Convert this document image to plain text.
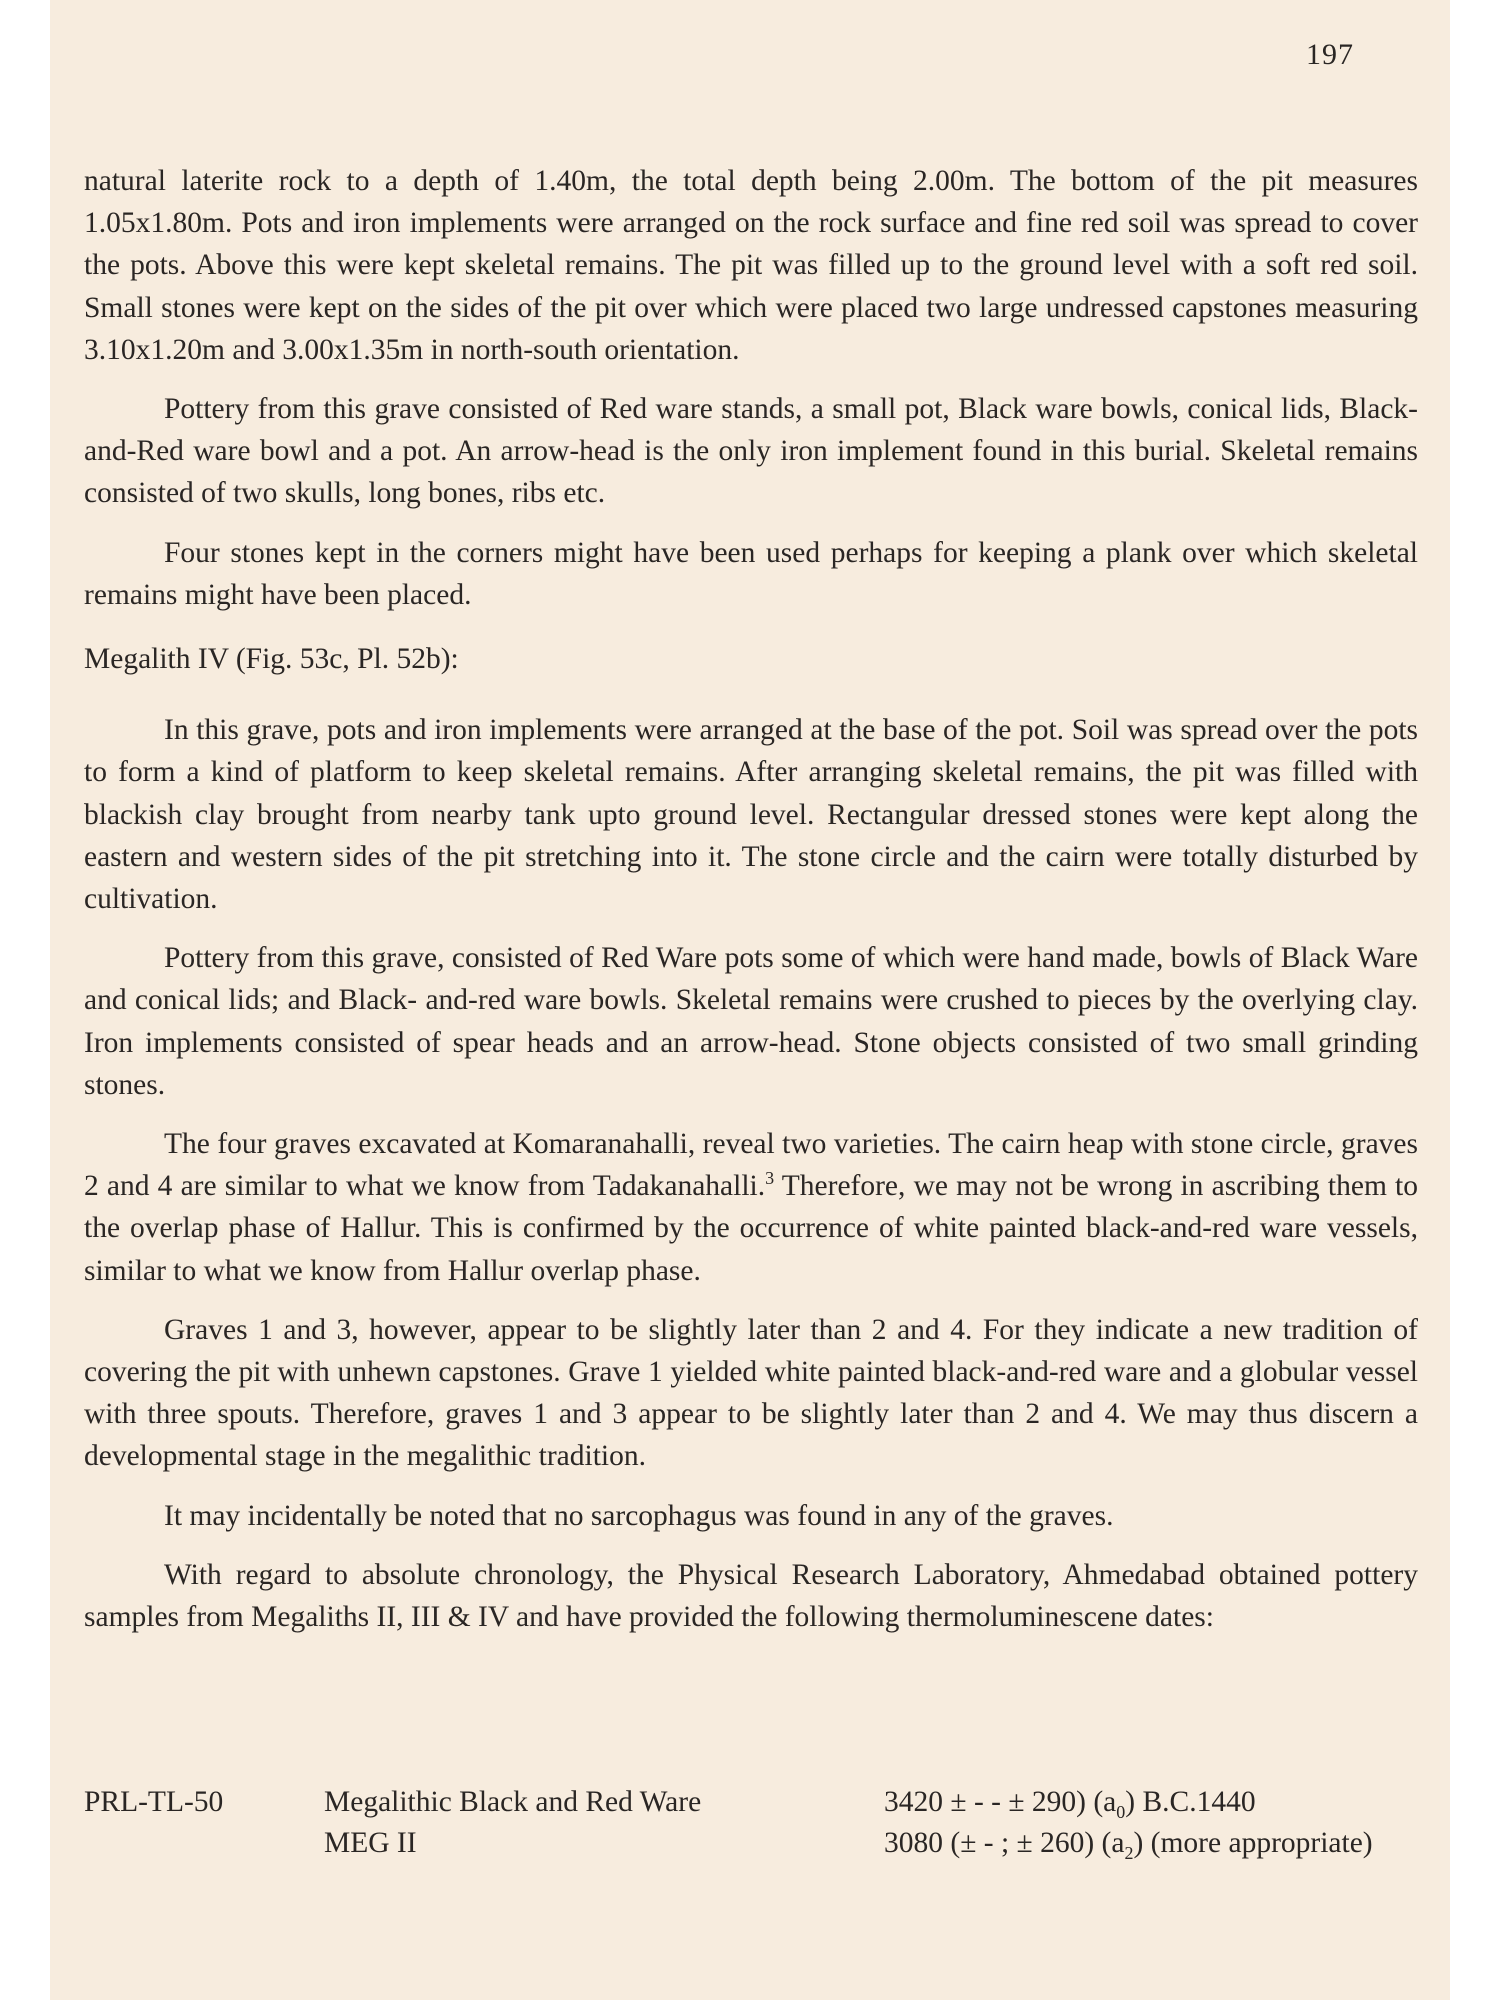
197

natural laterite rock to a depth of 1.40m, the total depth being 2.00m. The bottom of the pit measures 1.05x1.80m. Pots and iron implements were arranged on the rock surface and fine red soil was spread to cover the pots. Above this were kept skeletal remains. The pit was filled up to the ground level with a soft red soil. Small stones were kept on the sides of the pit over which were placed two large undressed capstones measuring 3.10x1.20m and 3.00x1.35m in north-south orientation.

Pottery from this grave consisted of Red ware stands, a small pot, Black ware bowls, conical lids, Black-and-Red ware bowl and a pot. An arrow-head is the only iron implement found in this burial. Skeletal remains consisted of two skulls, long bones, ribs etc.

Four stones kept in the corners might have been used perhaps for keeping a plank over which skeletal remains might have been placed.

Megalith IV (Fig. 53c, Pl. 52b):

In this grave, pots and iron implements were arranged at the base of the pot. Soil was spread over the pots to form a kind of platform to keep skeletal remains. After arranging skeletal remains, the pit was filled with blackish clay brought from nearby tank upto ground level. Rectangular dressed stones were kept along the eastern and western sides of the pit stretching into it. The stone circle and the cairn were totally disturbed by cultivation.

Pottery from this grave, consisted of Red Ware pots some of which were hand made, bowls of Black Ware and conical lids; and Black- and-red ware bowls. Skeletal remains were crushed to pieces by the overlying clay. Iron implements consisted of spear heads and an arrow-head. Stone objects consisted of two small grinding stones.

The four graves excavated at Komaranahalli, reveal two varieties. The cairn heap with stone circle, graves 2 and 4 are similar to what we know from Tadakanahalli.$^3$ Therefore, we may not be wrong in ascribing them to the overlap phase of Hallur. This is confirmed by the occurrence of white painted black-and-red ware vessels, similar to what we know from Hallur overlap phase.

Graves 1 and 3, however, appear to be slightly later than 2 and 4. For they indicate a new tradition of covering the pit with unhewn capstones. Grave 1 yielded white painted black-and-red ware and a globular vessel with three spouts. Therefore, graves 1 and 3 appear to be slightly later than 2 and 4. We may thus discern a developmental stage in the megalithic tradition.

It may incidentally be noted that no sarcophagus was found in any of the graves.

With regard to absolute chronology, the Physical Research Laboratory, Ahmedabad obtained pottery samples from Megaliths II, III & IV and have provided the following thermoluminescene dates:

PRL-TL-50	Megalithic Black and Red Ware
MEG II
3420 ± - - ± 290) $(a_0)$ B.C.1440
3080 (± - ; ± 260) $(a_2)$ (more appropriate)
